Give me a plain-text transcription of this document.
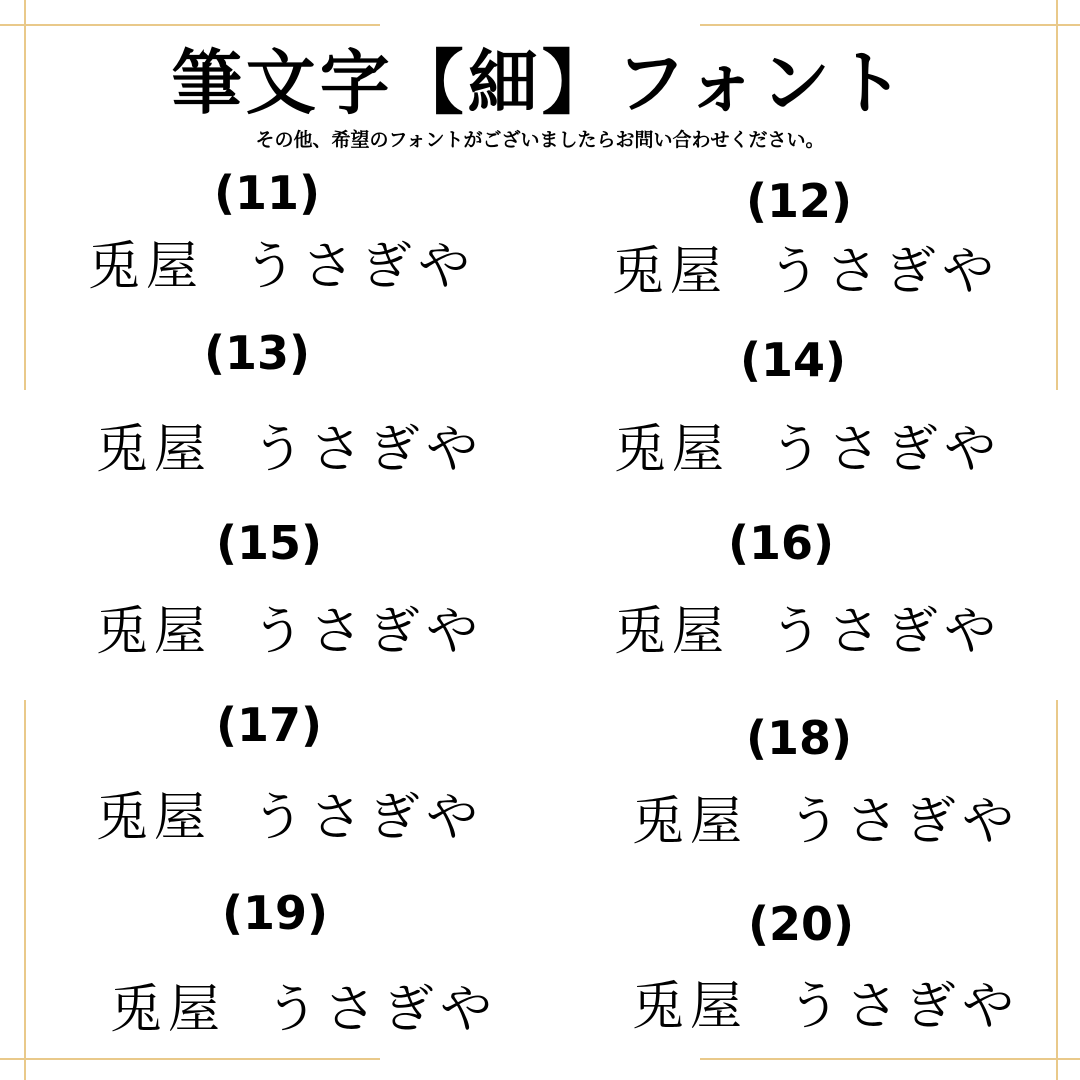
筆文字【細】フォント
その他、希望のフォントがございましたらお問い合わせください。
(11)
兎屋 うさぎや
(13)
兎屋 うさぎや
(15)
兎屋 うさぎや
(17)
兎屋 うさぎや
(19)
兎屋 うさぎや
(12)
兎屋 うさぎや
(14)
兎屋 うさぎや
(16)
兎屋 うさぎや
(18)
兎屋 うさぎや
(20)
兎屋 うさぎや
